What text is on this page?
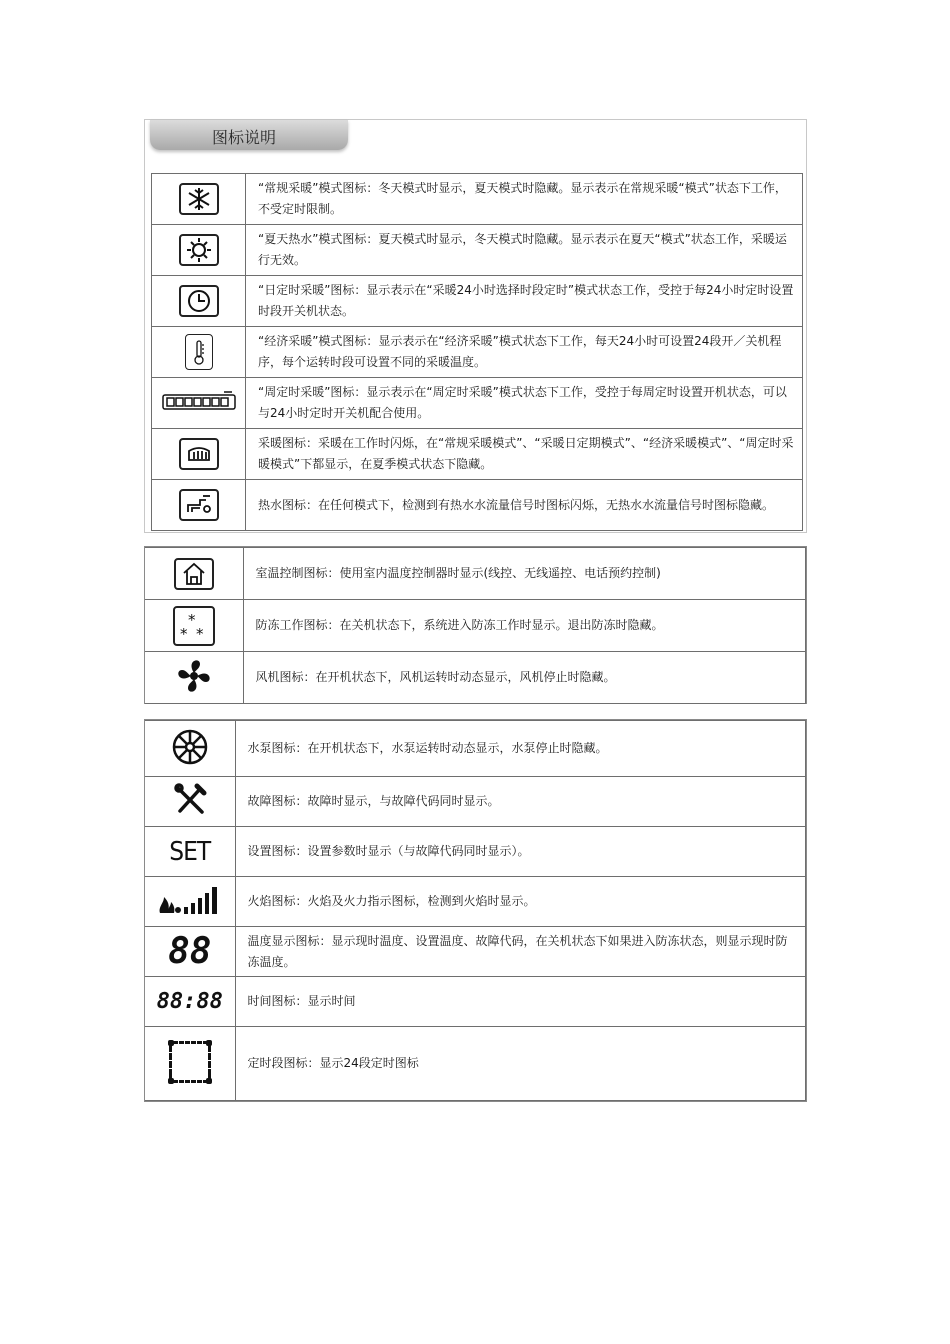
图标说明
	“常规采暖”模式图标：冬天模式时显示，夏天模式时隐藏。显示表示在常规采暖“模式”状态下工作，不受定时限制。

	“夏天热水”模式图标：夏天模式时显示，冬天模式时隐藏。显示表示在夏天“模式”状态工作，采暖运行无效。

	“日定时采暖”图标：显示表示在“采暖24小时选择时段定时”模式状态工作，受控于每24小时定时设置时段开关机状态。

	“经济采暖”模式图标：显示表示在“经济采暖”模式状态下工作，每天24小时可设置24段开／关机程序，每个运转时段可设置不同的采暖温度。
	“周定时采暖”图标：显示表示在“周定时采暖”模式状态下工作，受控于每周定时设置开机状态，可以与24小时定时开关机配合使用。

	采暖图标：采暖在工作时闪烁，在“常规采暖模式”、“采暖日定期模式”、“经济采暖模式”、“周定时采暖模式”下都显示，在夏季模式状态下隐藏。

	热水图标：在任何模式下，检测到有热水水流量信号时图标闪烁，无热水水流量信号时图标隐藏。
	室温控制图标：使用室内温度控制器时显示(线控、无线遥控、电话预约控制)

*
* *	防冻工作图标：在关机状态下，系统进入防冻工作时显示。退出防冻时隐藏。
	风机图标：在开机状态下，风机运转时动态显示，风机停止时隐藏。
	水泵图标：在开机状态下，水泵运转时动态显示，水泵停止时隐藏。
	故障图标：故障时显示，与故障代码同时显示。
SET	设置图标：设置参数时显示（与故障代码同时显示）。
	火焰图标：火焰及火力指示图标，检测到火焰时显示。
88	温度显示图标：显示现时温度、设置温度、故障代码，在关机状态下如果进入防冻状态，则显示现时防冻温度。
88:88	时间图标：显示时间
	定时段图标：显示24段定时图标
